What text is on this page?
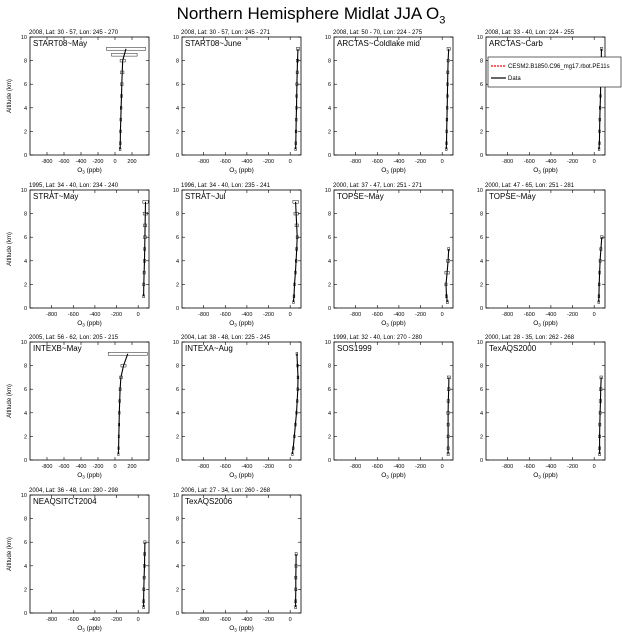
Northern Hemisphere Midlat JJA $O_3$
2008, Lat: 30 - 57, Lon: 245 - 270
START08~May
-800 -600 -400 -200 0 200
0
2
4
6
8
10
$O_3$ (ppb)
Altitude (km)
2008, Lat: 30 - 57, Lon: 245 - 271
START08~June
-800 -600 -400 -200	0
0
2
4
6
8
10
$O_3$ (ppb)
2008, Lat: 50 - 70, Lon: 224 - 275
ARCTAS~Coldlake mid
-800 -600 -400 -200	0
0
2
4
6
8
10
$O_3$ (ppb)
2008, Lat: 33 - 40, Lon: 224 - 255
ARCTAS~Carb
-800 -600 -400 -200	0
0
2
4
6
8
10
$O_3$ (ppb)
CESM2.B1850.C96_mg17.rbot.PE11s
Data
1995, Lat: 34 - 40, Lon: 234 - 240
STRAT~May
-800 -600 -400 -200	0
0
2
4
6
8
10
$O_3$ (ppb)
Altitude (km)
1996, Lat: 34 - 40, Lon: 235 - 241
STRAT~Jul
-800 -600 -400 -200	0
0
2
4
6
8
10
$O_3$ (ppb)
2000, Lat: 37 - 47, Lon: 251 - 271
TOPSE~May
-800 -600 -400 -200	0
0
2
4
6
8
10
$O_3$ (ppb)
2000, Lat: 47 - 65, Lon: 251 - 281
TOPSE~May
-800 -600 -400 -200	0
0
2
4
6
8
10
$O_3$ (ppb)
2005, Lat: 56 - 62, Lon: 205 - 215
INTEXB~May
-800 -600 -400 -200 0 200
0
2
4
6
8
10
$O_3$ (ppb)
Altitude (km)
2004, Lat: 38 - 48, Lon: 225 - 245
INTEXA~Aug
-800 -600 -400 -200	0
0
2
4
6
8
10
$O_3$ (ppb)
1999, Lat: 32 - 40, Lon: 270 - 280
SOS1999
-800 -600 -400 -200	0
0
2
4
6
8
10
$O_3$ (ppb)
2000, Lat: 28 - 35, Lon: 262 - 268
TexAQS2000
-800 -600 -400 -200	0
0
2
4
6
8
10
$O_3$ (ppb)
2004, Lat: 36 - 48, Lon: 280 - 298
NEAQSITCT2004
-800 -600 -400 -200	0
0
2
4
6
8
10
$O_3$ (ppb)
Altitude (km)
2006, Lat: 27 - 34, Lon: 260 - 268
TexAQS2006
-800 -600 -400 -200	0
0
2
4
6
8
10
$O_3$ (ppb)
